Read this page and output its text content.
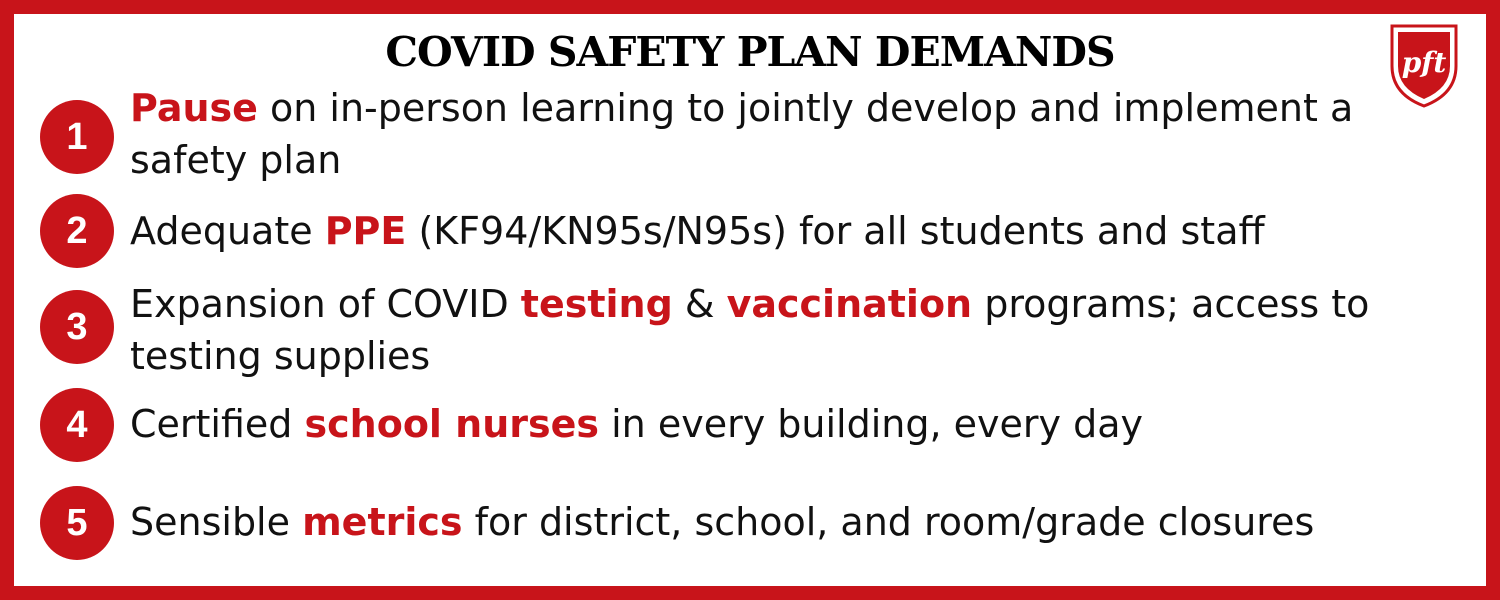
COVID SAFETY PLAN DEMANDS	pft
1
Pause on in-person learning to jointly develop and implement a safety plan
2	Adequate PPE (KF94/KN95s/N95s) for all students and staff
3
Expansion of COVID testing & vaccination programs; access to testing supplies
4	Certified school nurses in every building, every day
5	Sensible metrics for district, school, and room/grade closures
